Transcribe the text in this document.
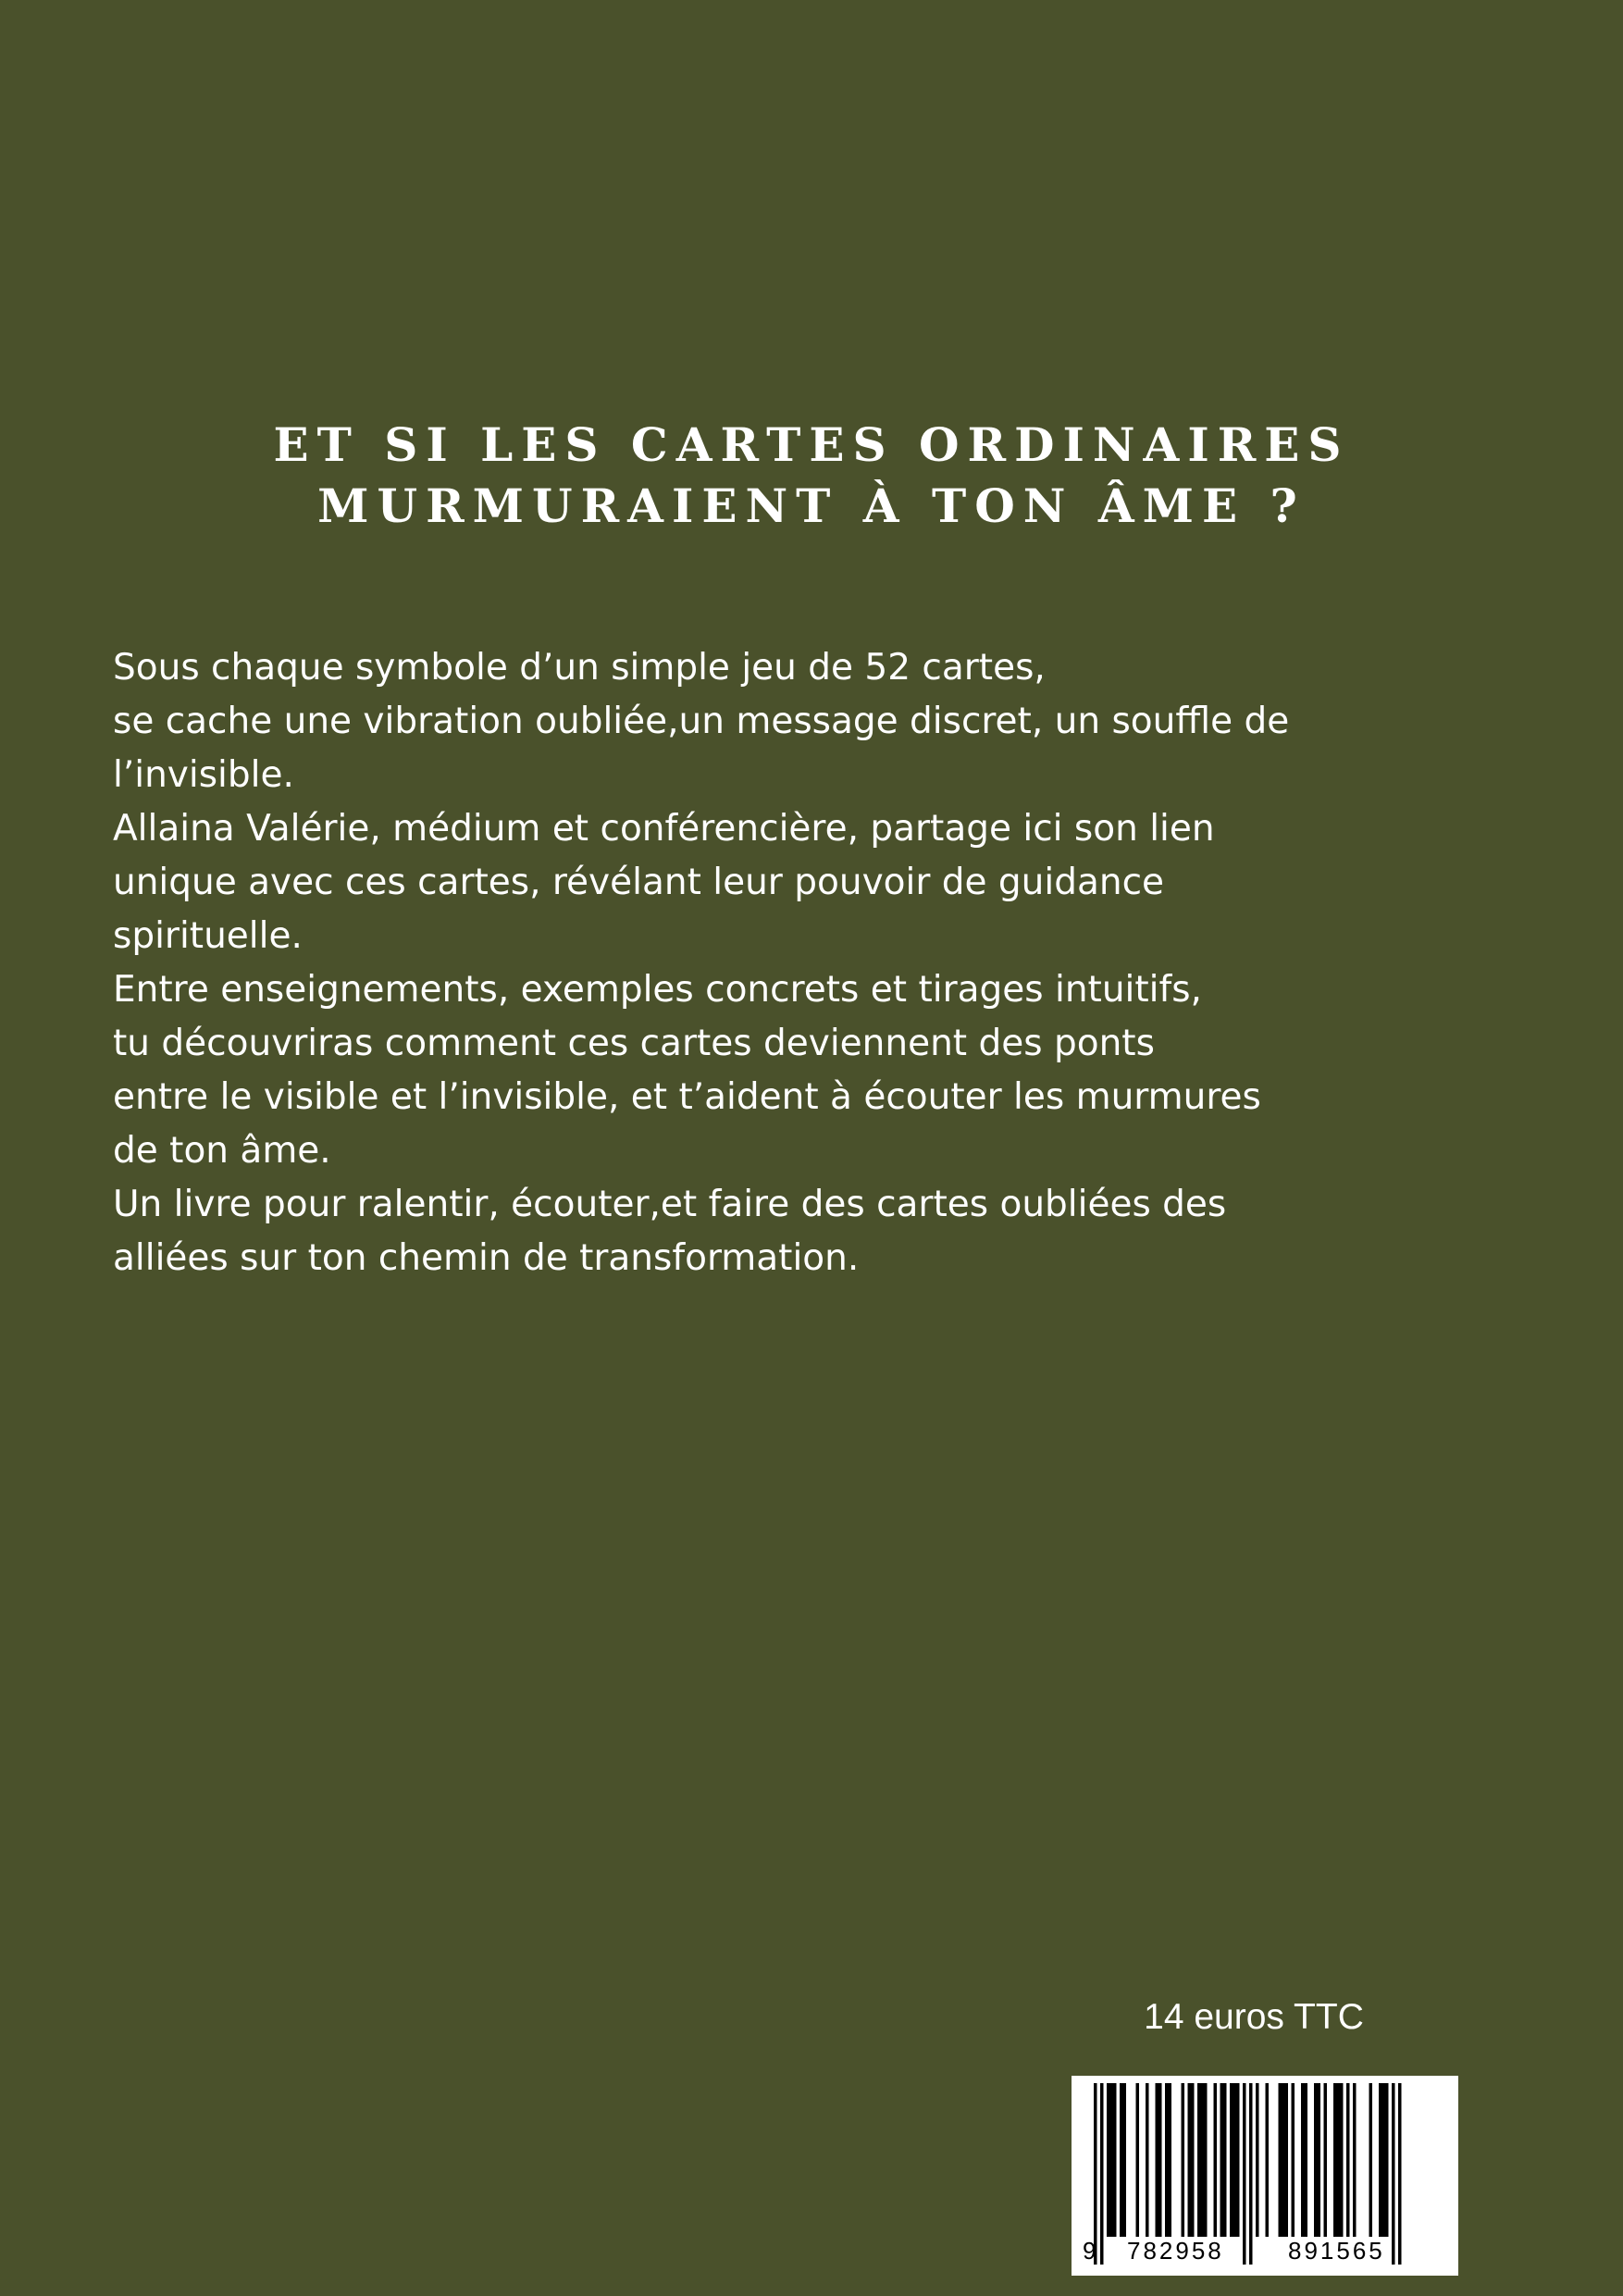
ET SI LES CARTES ORDINAIRES
MURMURAIENT À TON ÂME ?

Sous chaque symbole d’un simple jeu de 52 cartes,

se cache une vibration oubliée,un message discret, un souffle de

l’invisible.

Allaina Valérie, médium et conférencière, partage ici son lien

unique avec ces cartes, révélant leur pouvoir de guidance

spirituelle.

Entre enseignements, exemples concrets et tirages intuitifs,

tu découvriras comment ces cartes deviennent des ponts

entre le visible et l’invisible, et t’aident à écouter les murmures

de ton âme.

Un livre pour ralentir, écouter,et faire des cartes oubliées des

alliées sur ton chemin de transformation.

14 euros TTC
9 782958	891565
